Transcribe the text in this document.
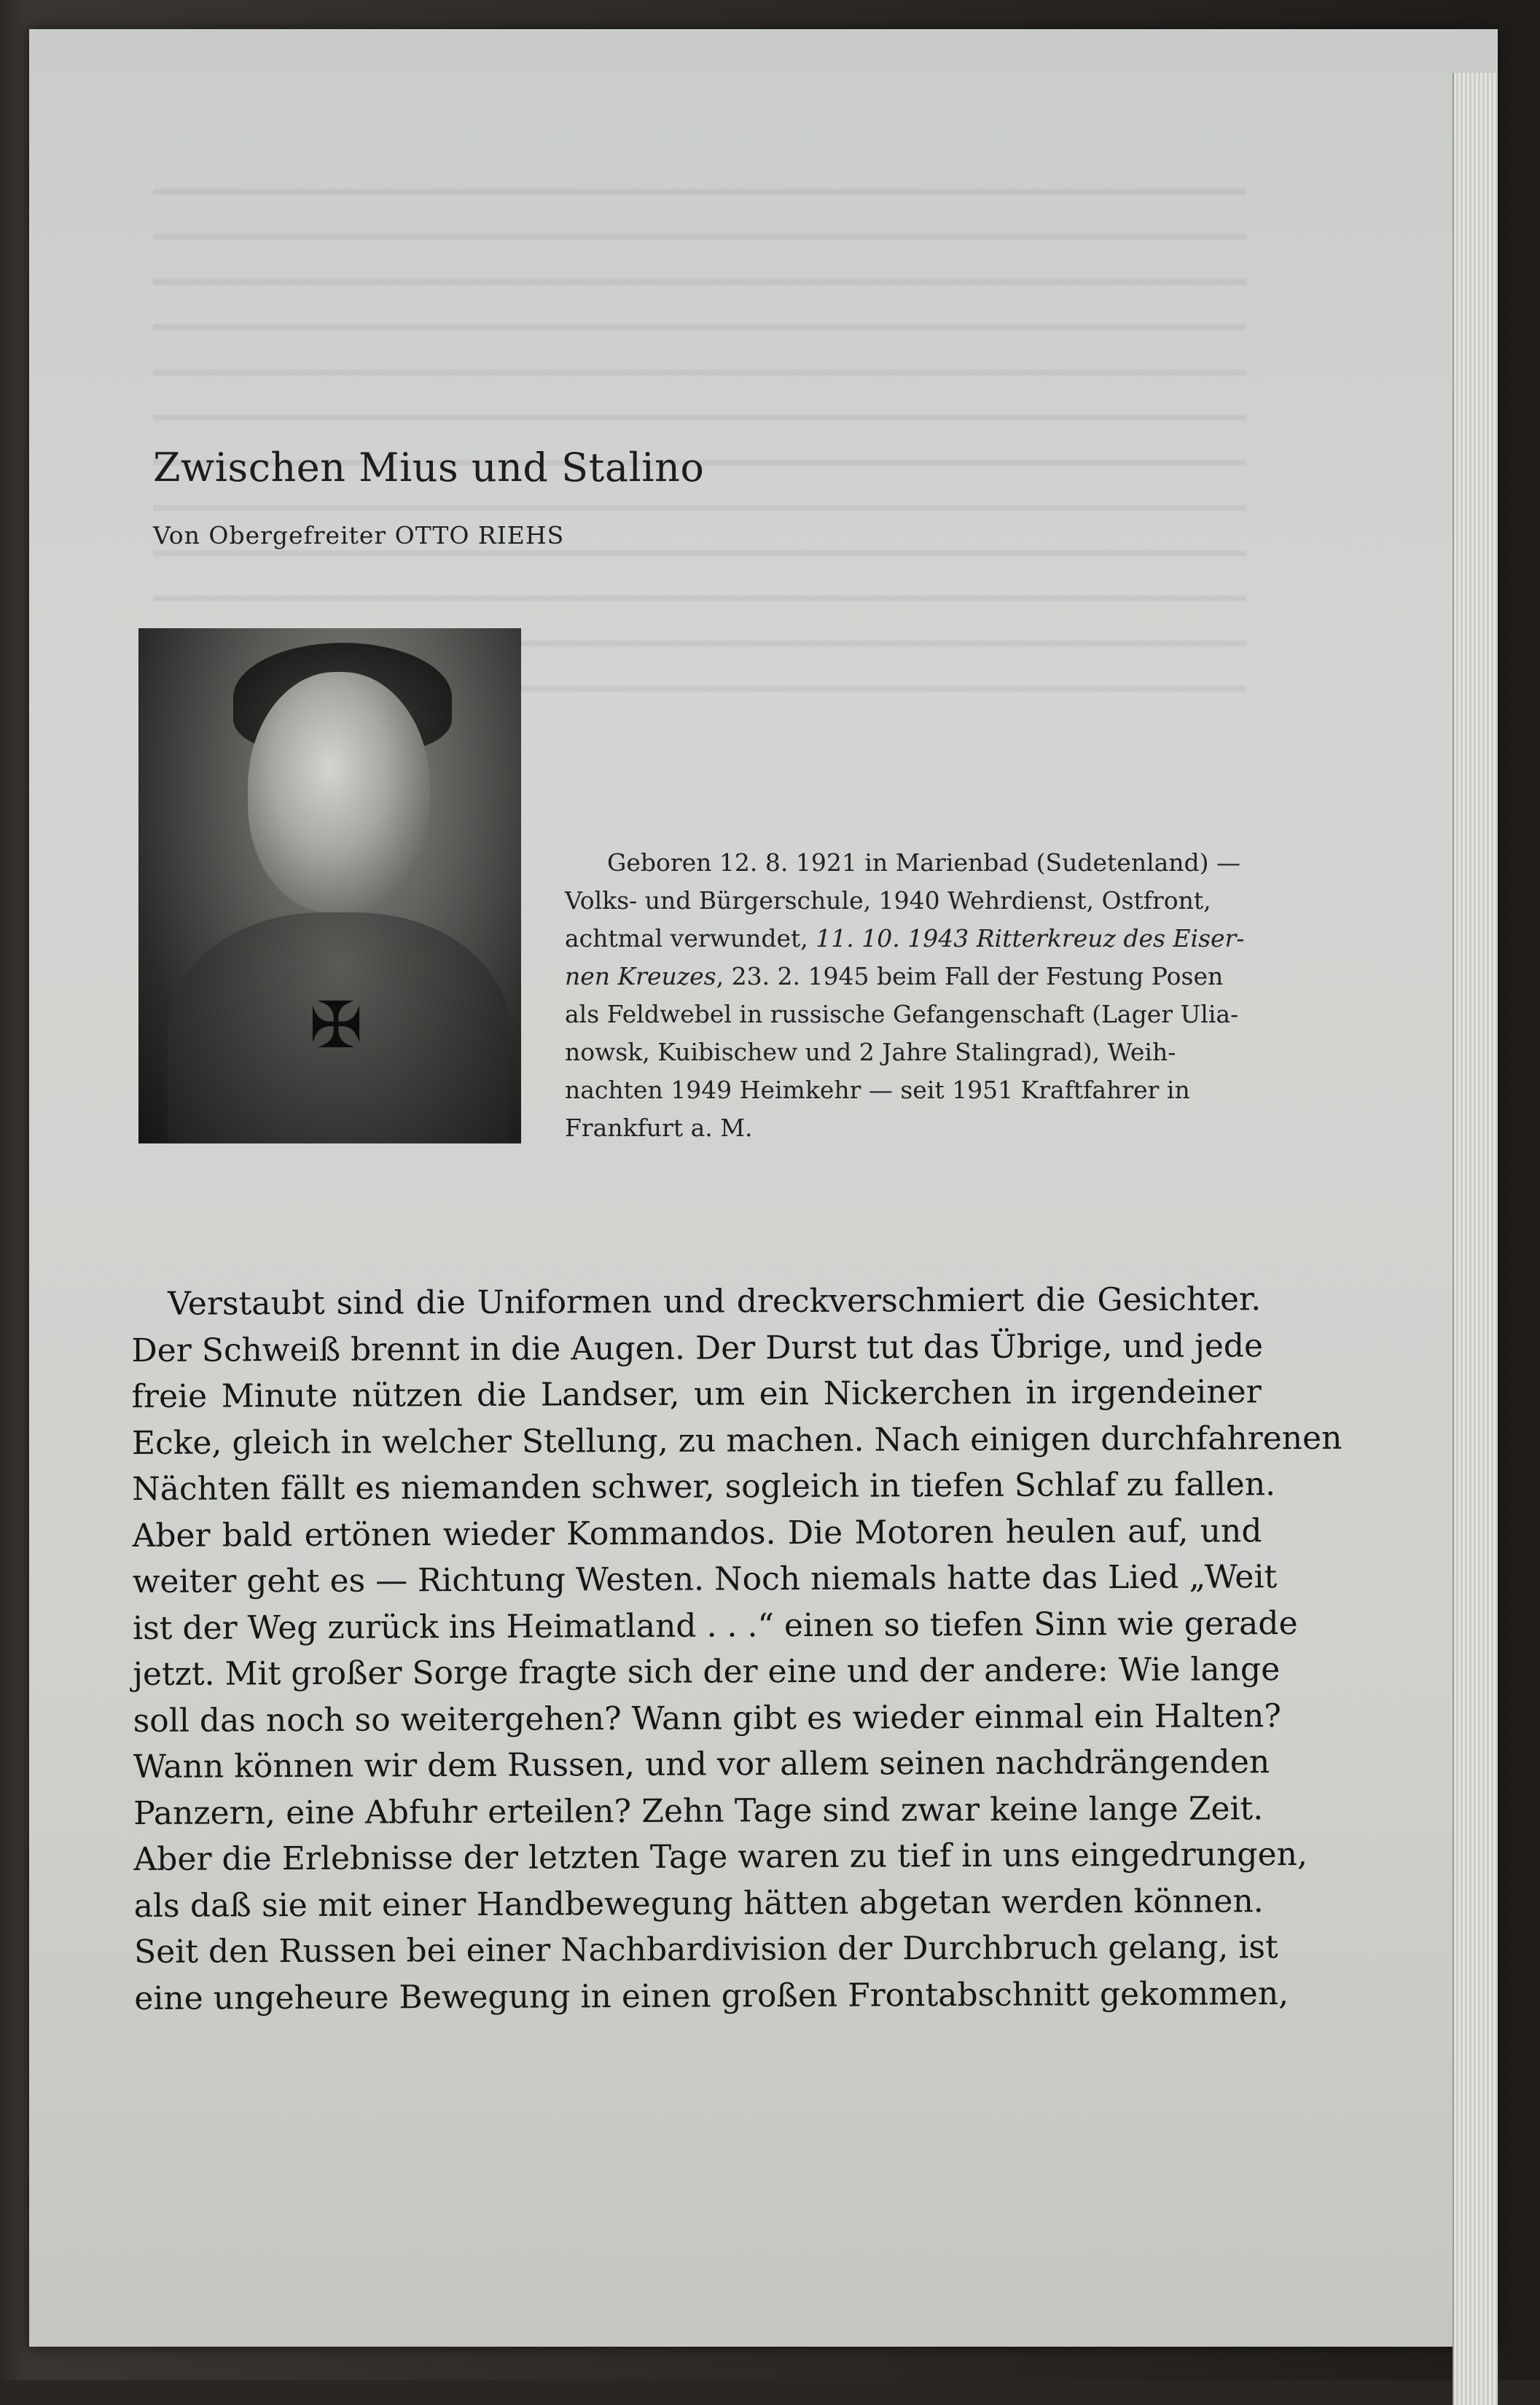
Zwischen Mius und Stalino
Von Obergefreiter OTTO RIEHS
✠
Geboren 12. 8. 1921 in Marienbad (Sudetenland) —
Volks- und Bürgerschule, 1940 Wehrdienst, Ostfront,
achtmal verwundet, 11. 10. 1943 Ritterkreuz des Eiser-
nen Kreuzes, 23. 2. 1945 beim Fall der Festung Posen
als Feldwebel in russische Gefangenschaft (Lager Ulia-
nowsk, Kuibischew und 2 Jahre Stalingrad), Weih-
nachten 1949 Heimkehr — seit 1951 Kraftfahrer in
Frankfurt a. M.
Verstaubt sind die Uniformen und dreckverschmiert die Gesichter.
Der Schweiß brennt in die Augen. Der Durst tut das Übrige, und jede
freie Minute nützen die Landser, um ein Nickerchen in irgendeiner
Ecke, gleich in welcher Stellung, zu machen. Nach einigen durchfahrenen
Nächten fällt es niemanden schwer, sogleich in tiefen Schlaf zu fallen.
Aber bald ertönen wieder Kommandos. Die Motoren heulen auf, und
weiter geht es — Richtung Westen. Noch niemals hatte das Lied „Weit
ist der Weg zurück ins Heimatland . . .“ einen so tiefen Sinn wie gerade
jetzt. Mit großer Sorge fragte sich der eine und der andere: Wie lange
soll das noch so weitergehen? Wann gibt es wieder einmal ein Halten?
Wann können wir dem Russen, und vor allem seinen nachdrängenden
Panzern, eine Abfuhr erteilen? Zehn Tage sind zwar keine lange Zeit.
Aber die Erlebnisse der letzten Tage waren zu tief in uns eingedrungen,
als daß sie mit einer Handbewegung hätten abgetan werden können.
Seit den Russen bei einer Nachbardivision der Durchbruch gelang, ist
eine ungeheure Bewegung in einen großen Frontabschnitt gekommen,
